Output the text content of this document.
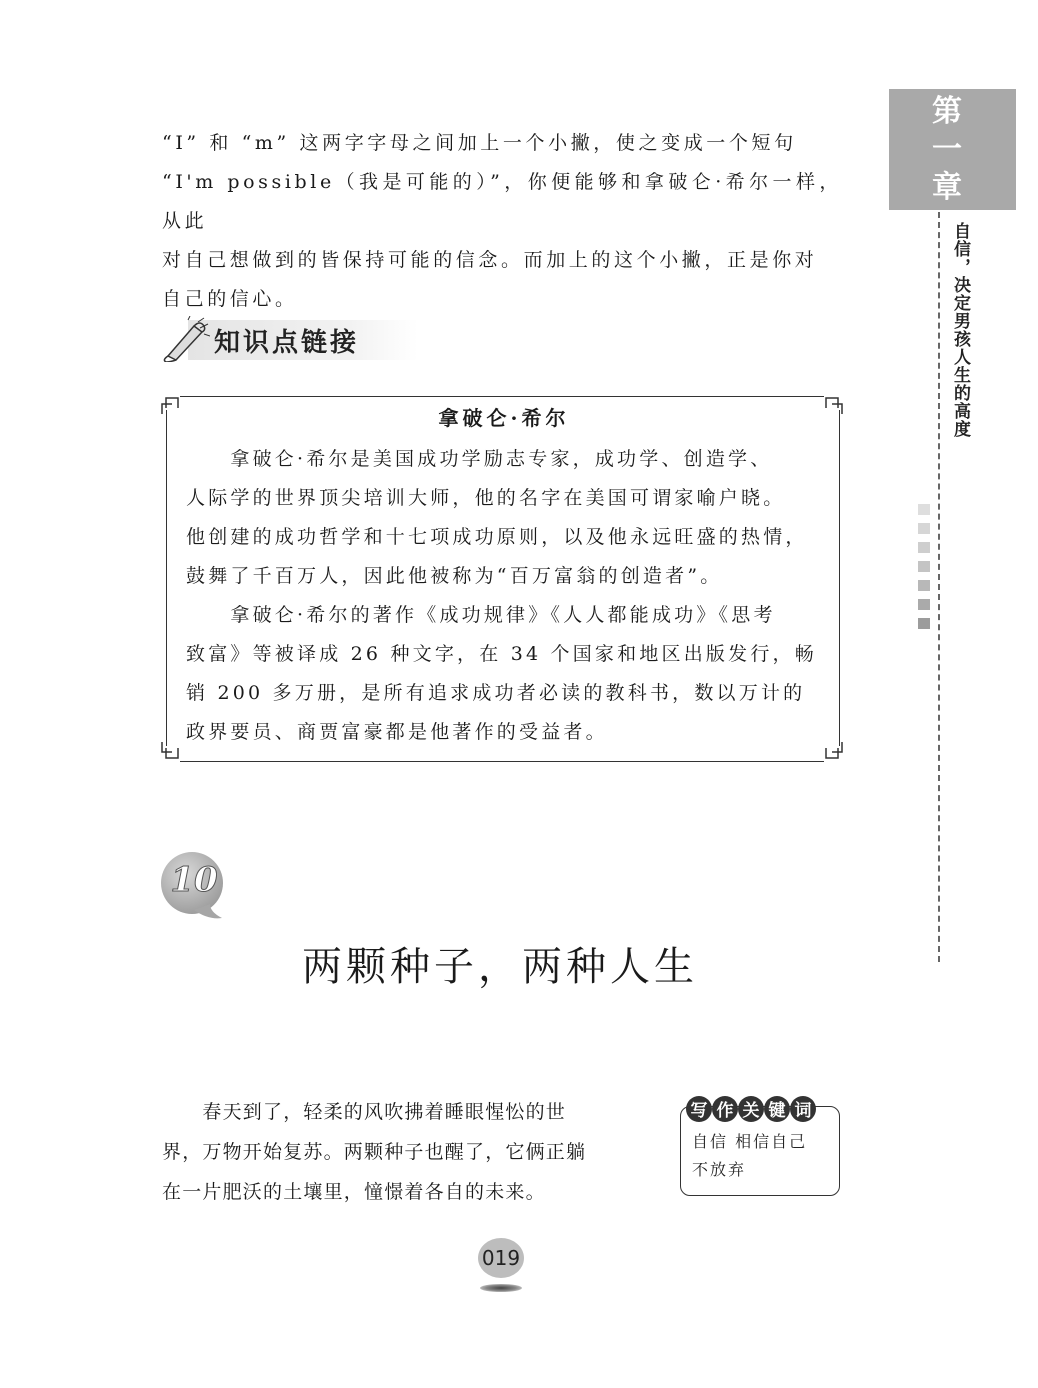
第
一
章
自信，决定男孩人生的高度
“I” 和 “m” 这两字字母之间加上一个小撇，使之变成一个短句
“I'm possible（我是可能的）”，你便能够和拿破仑·希尔一样，从此
对自己想做到的皆保持可能的信念。而加上的这个小撇，正是你对
自己的信心。
知识点链接
拿破仑·希尔
　　拿破仑·希尔是美国成功学励志专家，成功学、创造学、
人际学的世界顶尖培训大师，他的名字在美国可谓家喻户晓。
他创建的成功哲学和十七项成功原则，以及他永远旺盛的热情，
鼓舞了千百万人，因此他被称为“百万富翁的创造者”。
　　拿破仑·希尔的著作《成功规律》《人人都能成功》《思考
致富》等被译成 26 种文字，在 34 个国家和地区出版发行，畅
销 200 多万册，是所有追求成功者必读的教科书，数以万计的
政界要员、商贾富豪都是他著作的受益者。
10
两颗种子，两种人生
　　春天到了，轻柔的风吹拂着睡眼惺忪的世
界，万物开始复苏。两颗种子也醒了，它俩正躺
在一片肥沃的土壤里，憧憬着各自的未来。
写 作 关 键 词
自信 相信自己
不放弃
019
